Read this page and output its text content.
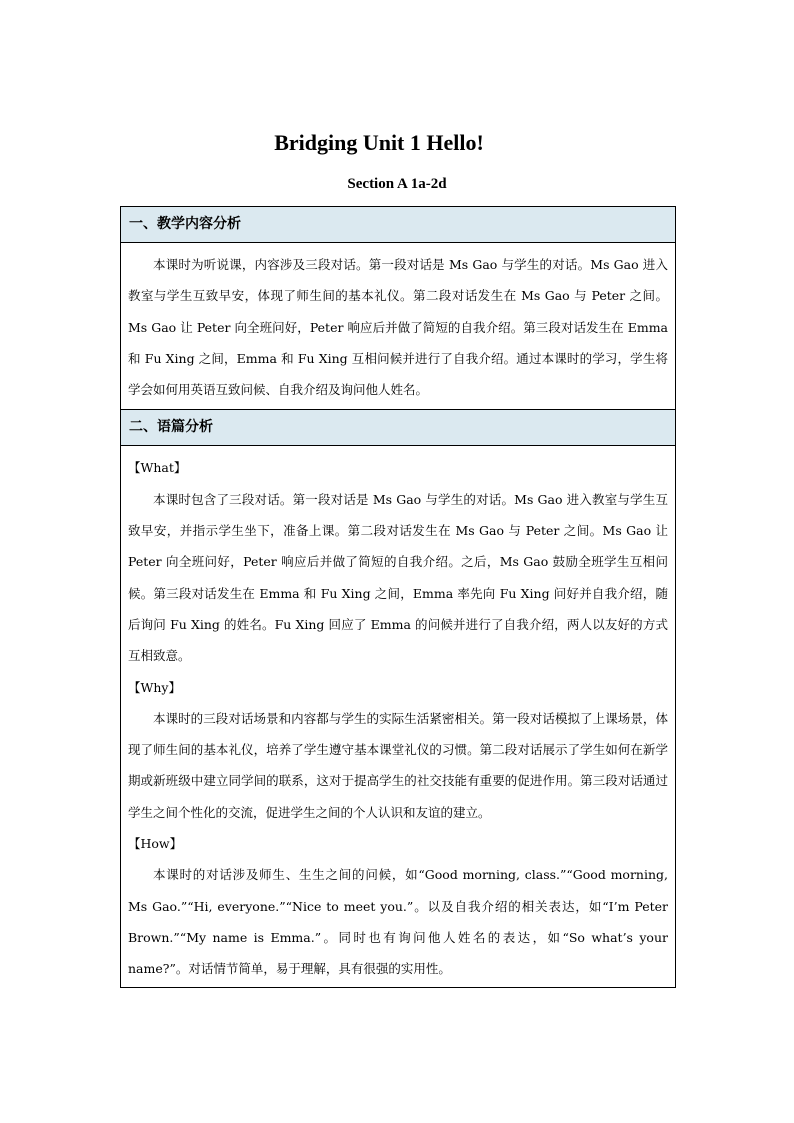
Bridging Unit 1 Hello!
Section A 1a-2d
一、教学内容分析

本课时为听说课，内容涉及三段对话。第一段对话是 Ms Gao 与学生的对话。Ms Gao 进入教室与学生互致早安，体现了师生间的基本礼仪。第二段对话发生在 Ms Gao 与 Peter 之间。Ms Gao 让 Peter 向全班问好，Peter 响应后并做了简短的自我介绍。第三段对话发生在 Emma 和 Fu Xing 之间，Emma 和 Fu Xing 互相问候并进行了自我介绍。通过本课时的学习，学生将学会如何用英语互致问候、自我介绍及询问他人姓名。

二、语篇分析

【What】

本课时包含了三段对话。第一段对话是 Ms Gao 与学生的对话。Ms Gao 进入教室与学生互致早安，并指示学生坐下，准备上课。第二段对话发生在 Ms Gao 与 Peter 之间。Ms Gao 让 Peter 向全班问好，Peter 响应后并做了简短的自我介绍。之后，Ms Gao 鼓励全班学生互相问候。第三段对话发生在 Emma 和 Fu Xing 之间，Emma 率先向 Fu Xing 问好并自我介绍，随后询问 Fu Xing 的姓名。Fu Xing 回应了 Emma 的问候并进行了自我介绍，两人以友好的方式互相致意。

【Why】

本课时的三段对话场景和内容都与学生的实际生活紧密相关。第一段对话模拟了上课场景，体现了师生间的基本礼仪，培养了学生遵守基本课堂礼仪的习惯。第二段对话展示了学生如何在新学期或新班级中建立同学间的联系，这对于提高学生的社交技能有重要的促进作用。第三段对话通过学生之间个性化的交流，促进学生之间的个人认识和友谊的建立。

【How】

本课时的对话涉及师生、生生之间的问候，如“Good morning, class.”“Good morning, Ms Gao.”“Hi, everyone.”“Nice to meet you.”。以及自我介绍的相关表达，如“I’m Peter Brown.”“My name is Emma.”。同时也有询问他人姓名的表达，如“So what’s your name?”。对话情节简单，易于理解，具有很强的实用性。
